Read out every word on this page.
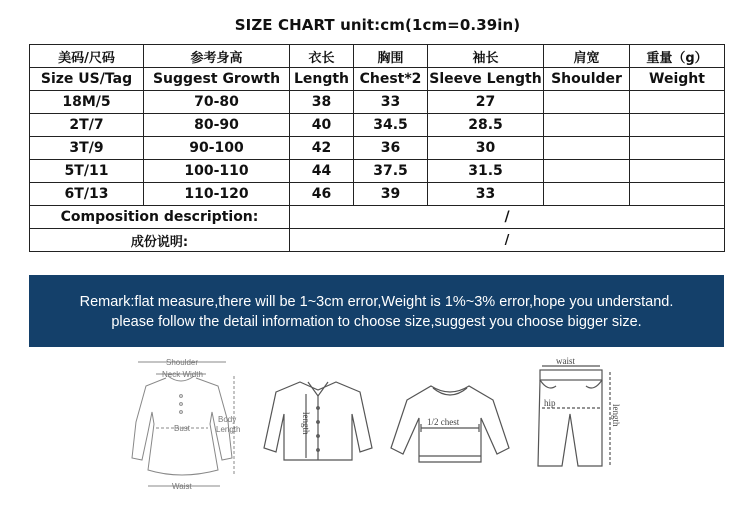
SIZE CHART unit:cm(1cm=0.39in)
美码/尺码	参考身高	衣长	胸围	袖长	肩宽	重量（g）
Size US/Tag	Suggest Growth	Length	Chest*2	Sleeve Length	Shoulder	Weight
18M/5	70-80	38	33	27		
2T/7	80-90	40	34.5	28.5		
3T/9	90-100	42	36	30		
5T/11	100-110	44	37.5	31.5		
6T/13	110-120	46	39	33		
Composition description:		/				
成份说明:		/				
Remark:flat measure,there will be 1~3cm error,Weight is 1%~3% error,hope you understand.
please follow the detail information to choose size,suggest you choose bigger size.
Shoulder
Neck Width
Bust
Waist
Body
Length	length	1/2 chest
waist
hip
length
